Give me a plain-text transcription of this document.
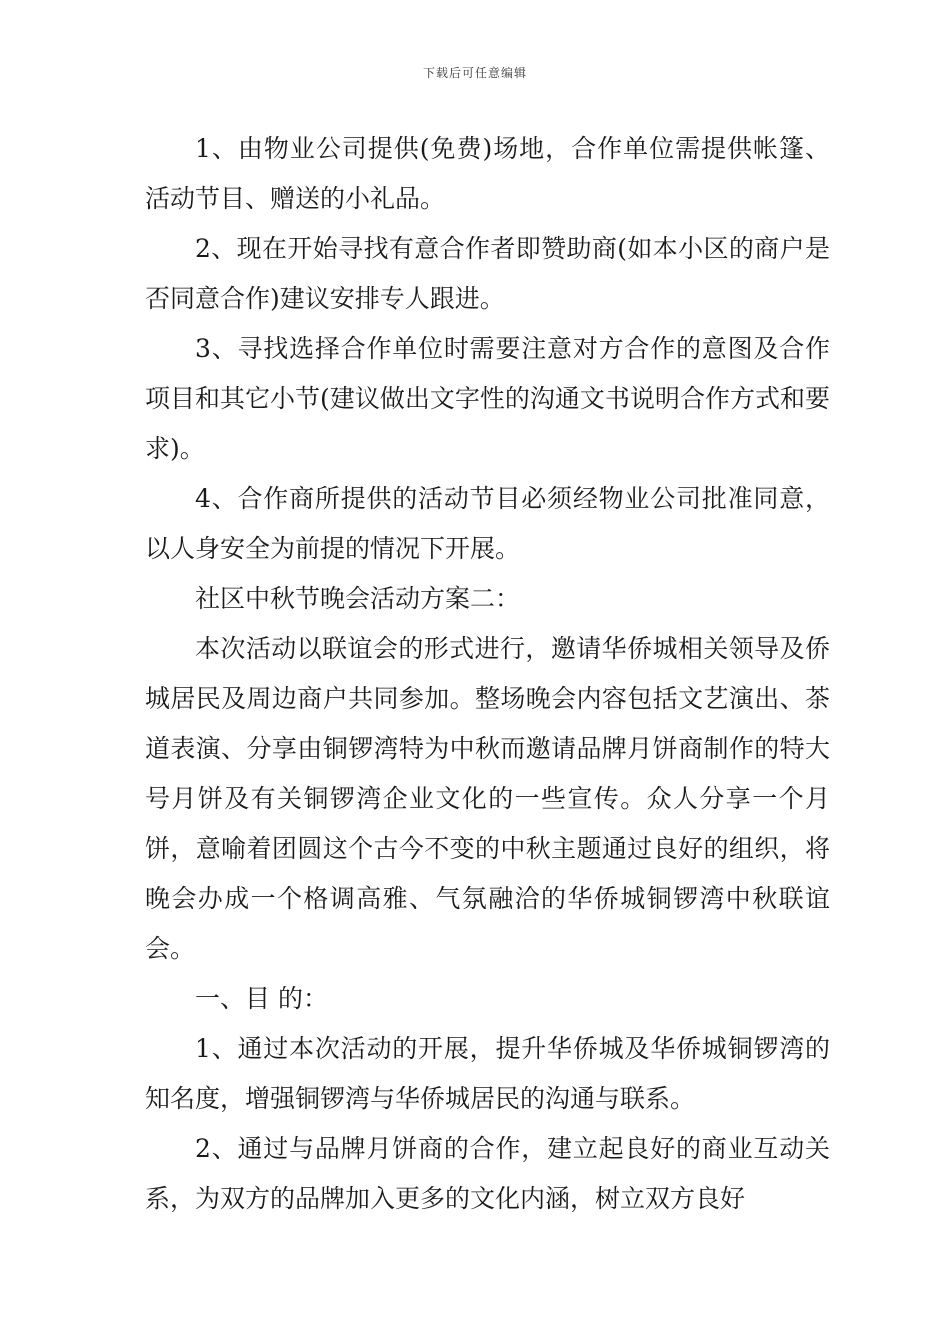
下载后可任意编辑

1、由物业公司提供(免费)场地，合作单位需提供帐篷、活动节目、赠送的小礼品。

2、现在开始寻找有意合作者即赞助商(如本小区的商户是否同意合作)建议安排专人跟进。

3、寻找选择合作单位时需要注意对方合作的意图及合作项目和其它小节(建议做出文字性的沟通文书说明合作方式和要求)。

4、合作商所提供的活动节目必须经物业公司批准同意，以人身安全为前提的情况下开展。

社区中秋节晚会活动方案二：

本次活动以联谊会的形式进行，邀请华侨城相关领导及侨城居民及周边商户共同参加。整场晚会内容包括文艺演出、茶道表演、分享由铜锣湾特为中秋而邀请品牌月饼商制作的特大号月饼及有关铜锣湾企业文化的一些宣传。众人分享一个月饼，意喻着团圆这个古今不变的中秋主题通过良好的组织，将晚会办成一个格调高雅、气氛融洽的华侨城铜锣湾中秋联谊会。

一、目 的：

1、通过本次活动的开展，提升华侨城及华侨城铜锣湾的知名度，增强铜锣湾与华侨城居民的沟通与联系。

2、通过与品牌月饼商的合作，建立起良好的商业互动关系，为双方的品牌加入更多的文化内涵，树立双方良好
